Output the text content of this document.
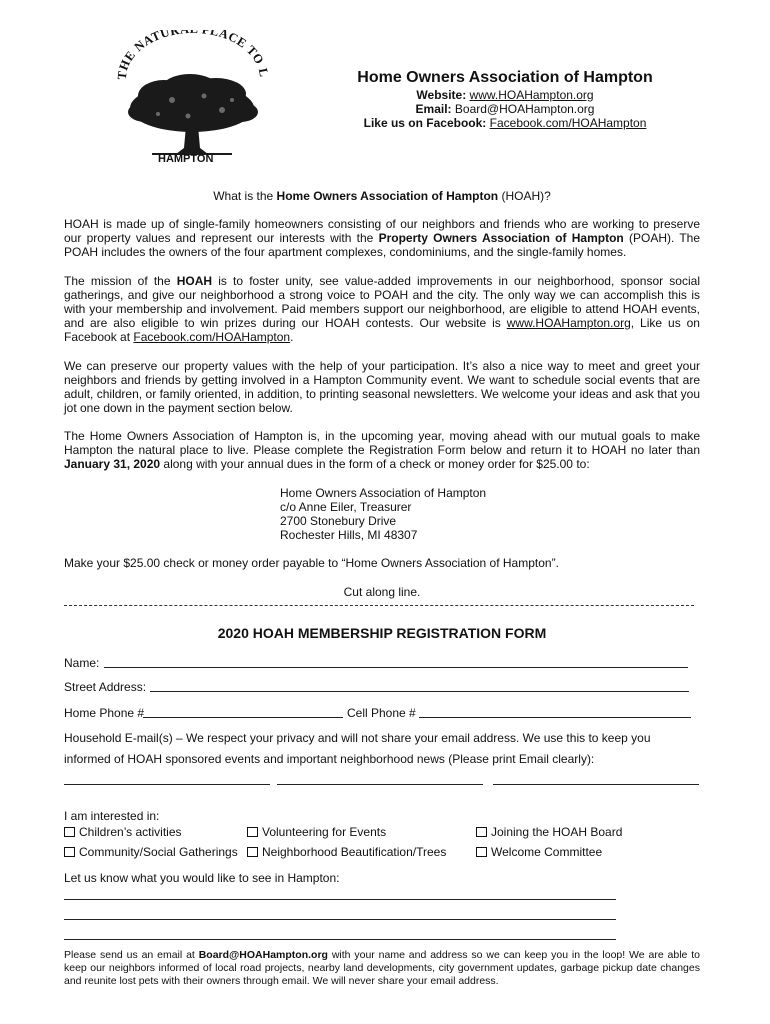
THE NATUR LACE TO L
HAMPTON
Home Owners Association of Hampton
Website: www.HOAHampton.org
Email: Board@HOAHampton.org
Like us on Facebook: Facebook.com/HOAHampton
What is the Home Owners Association of Hampton (HOAH)?

HOAH is made up of single-family homeowners consisting of our neighbors and friends who are working to preserve our property values and represent our interests with the Property Owners Association of Hampton (POAH). The POAH includes the owners of the four apartment complexes, condominiums, and the single-family homes.

The mission of the HOAH is to foster unity, see value-added improvements in our neighborhood, sponsor social gatherings, and give our neighborhood a strong voice to POAH and the city. The only way we can accomplish this is with your membership and involvement. Paid members support our neighborhood, are eligible to attend HOAH events, and are also eligible to win prizes during our HOAH contests. Our website is www.HOAHampton.org, Like us on Facebook at Facebook.com/HOAHampton.

We can preserve our property values with the help of your participation. It’s also a nice way to meet and greet your neighbors and friends by getting involved in a Hampton Community event. We want to schedule social events that are adult, children, or family oriented, in addition, to printing seasonal newsletters. We welcome your ideas and ask that you jot one down in the payment section below.

The Home Owners Association of Hampton is, in the upcoming year, moving ahead with our mutual goals to make Hampton the natural place to live. Please complete the Registration Form below and return it to HOAH no later than January 31, 2020 along with your annual dues in the form of a check or money order for $25.00 to:

Home Owners Association of Hampton
c/o Anne Eiler, Treasurer
2700 Stonebury Drive
Rochester Hills, MI 48307
Make your $25.00 check or money order payable to “Home Owners Association of Hampton”.
Cut along line.
2020 HOAH MEMBERSHIP REGISTRATION FORM
Name:
Street Address:
Home Phone #	Cell Phone #
Household E-mail(s) – We respect your privacy and will not share your email address. We use this to keep you
informed of HOAH sponsored events and important neighborhood news (Please print Email clearly):
I am interested in:
Children’s activities	Volunteering for Events	Joining the HOAH Board
Community/Social Gatherings	Neighborhood Beautification/Trees	Welcome Committee
Let us know what you would like to see in Hampton:

Please send us an email at Board@HOAHampton.org with your name and address so we can keep you in the loop! We are able to keep our neighbors informed of local road projects, nearby land developments, city government updates, garbage pickup date changes and reunite lost pets with their owners through email. We will never share your email address.
